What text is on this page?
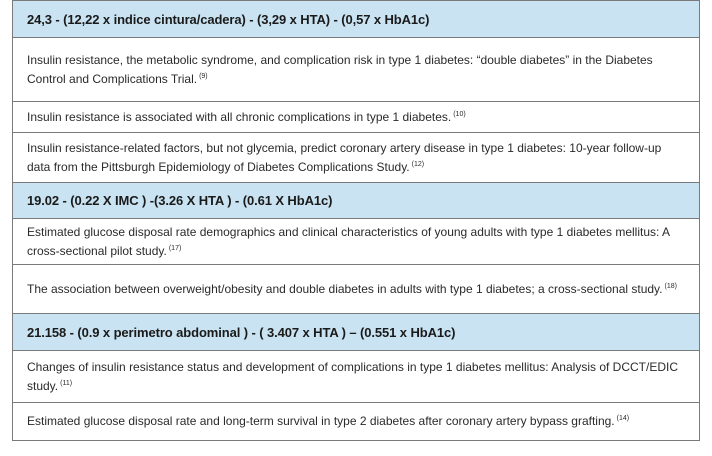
24,3 - (12,22 x indice cintura/cadera) - (3,29 x HTA) - (0,57 x HbA1c)
Insulin resistance, the metabolic syndrome, and complication risk in type 1 diabetes: “double diabetes” in the Diabetes Control and Complications Trial. $^{(9)}$
Insulin resistance is associated with all chronic complications in type 1 diabetes. $^{(10)}$
Insulin resistance-related factors, but not glycemia, predict coronary artery disease in type 1 diabetes: 10-year follow-up data from the Pittsburgh Epidemiology of Diabetes Complications Study. $^{(12)}$
19.02 - (0.22 X IMC ) -(3.26 X HTA ) - (0.61 X HbA1c)
Estimated glucose disposal rate demographics and clinical characteristics of young adults with type 1 diabetes mellitus: A cross-sectional pilot study. $^{(17)}$
The association between overweight/obesity and double diabetes in adults with type 1 diabetes; a cross-sectional study. $^{(18)}$
21.158 - (0.9 x perimetro abdominal ) - ( 3.407 x HTA ) – (0.551 x HbA1c)
Changes of insulin resistance status and development of complications in type 1 diabetes mellitus: Analysis of DCCT/EDIC study. $^{(11)}$
Estimated glucose disposal rate and long-term survival in type 2 diabetes after coronary artery bypass grafting. $^{(14)}$
